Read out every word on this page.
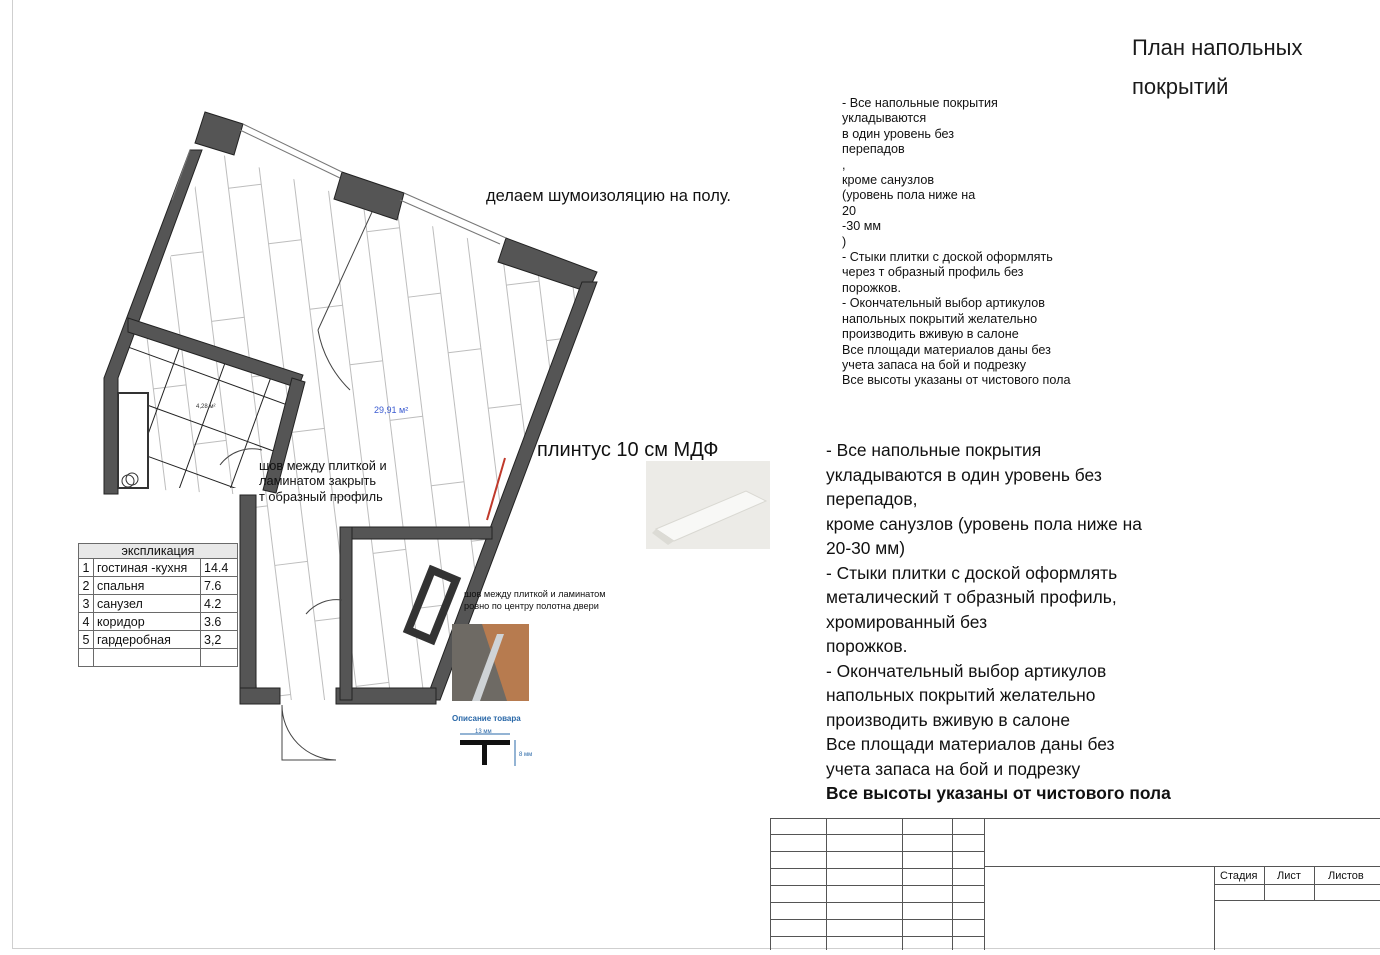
29,91 м²
4,28 м²
План напольных
покрытий
- Все напольные покрытия
укладываются
в один уровень без
перепадов
,
кроме санузлов
(уровень пола ниже на
20
-30 мм
)
- Стыки плитки с доской оформлять
через т образный профиль без
порожков.
- Окончательный выбор артикулов
напольных покрытий желательно
производить вживую в салоне
Все площади материалов даны без
учета запаса на бой и подрезку
Все высоты указаны от чистового пола
- Все напольные покрытия
укладываются в один уровень без
перепадов,
кроме санузлов (уровень пола ниже на
20-30 мм)
- Стыки плитки с доской оформлять
металический т образный профиль,
хромированный без
порожков.
- Окончательный выбор артикулов
напольных покрытий желательно
производить вживую в салоне
Все площади материалов даны без
учета запаса на бой и подрезку
Все высоты указаны от чистового пола
делаем шумоизоляцию на полу.
плинтус 10 см МДФ
шов между плиткой и
ламинатом закрыть
т образный профиль
шов между плиткой и ламинатом
ровно по центру полотна двери
Описание товара
13 мм
8 мм
экспликация		
1	гостиная -кухня	14.4
2	спальня	7.6
3	санузел	4.2
4	коридор	3.6
5	гардеробная	3,2

Стадия Лист Листов
